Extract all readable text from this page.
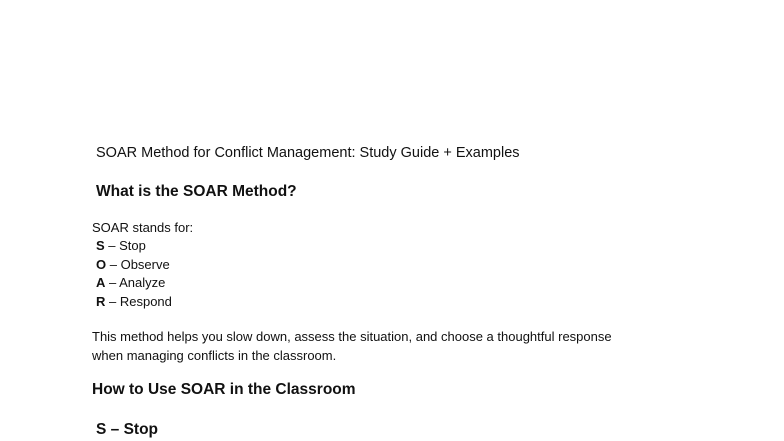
SOAR Method for Conflict Management: Study Guide + Examples
What is the SOAR Method?
SOAR stands for:
S – Stop
O – Observe
A – Analyze
R – Respond
This method helps you slow down, assess the situation, and choose a thoughtful response
when managing conflicts in the classroom.
How to Use SOAR in the Classroom
S – Stop
